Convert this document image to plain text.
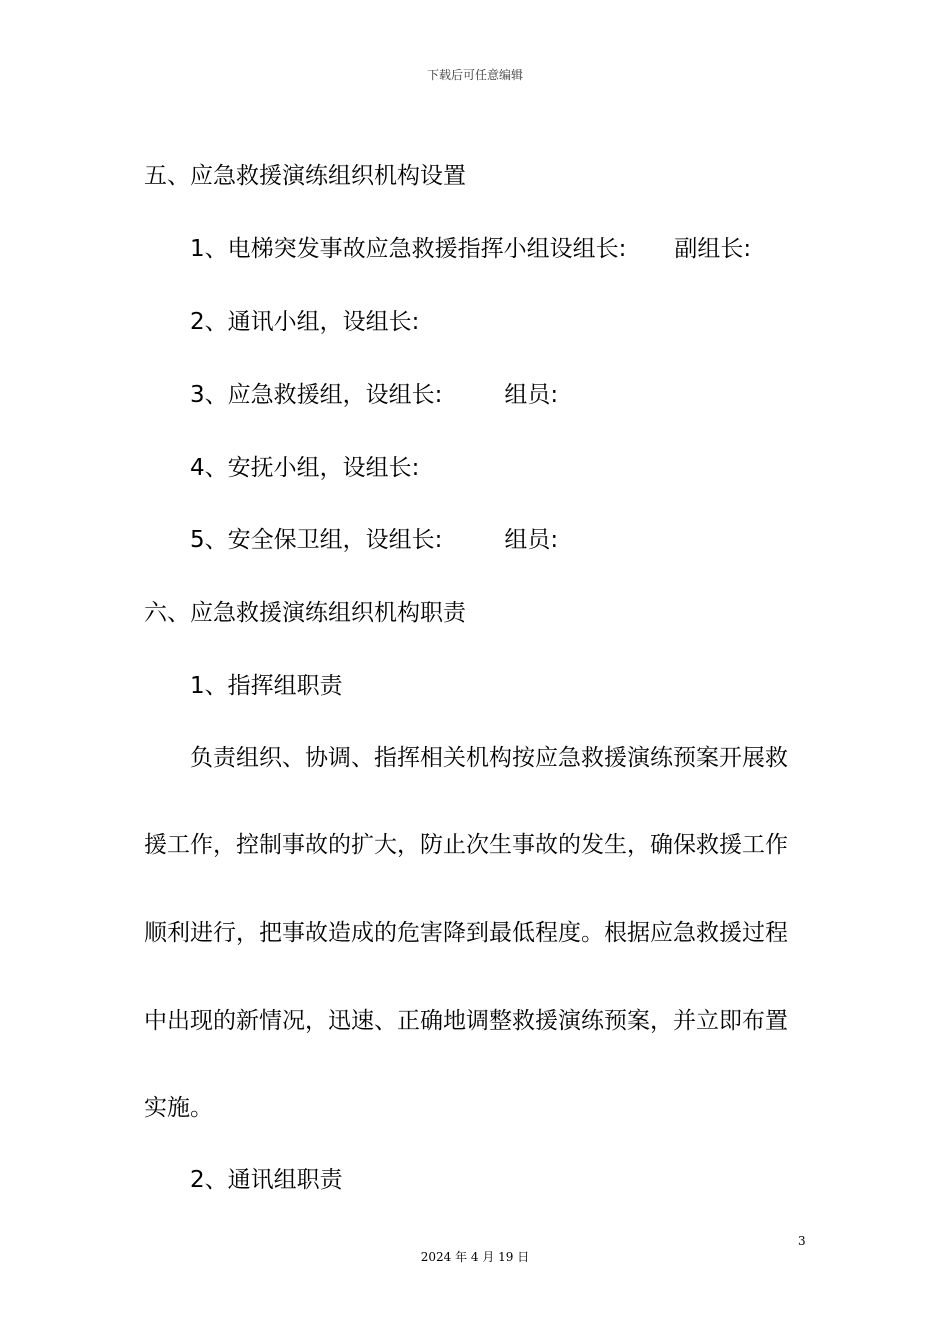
下载后可任意编辑
五、应急救援演练组织机构设置
1、电梯突发事故应急救援指挥小组设组长: 副组长:
2、通讯小组，设组长:
3、应急救援组，设组长:	组员:
4、安抚小组，设组长:
5、安全保卫组，设组长:	组员:
六、应急救援演练组织机构职责
1、指挥组职责
负责组织、协调、指挥相关机构按应急救援演练预案开展救
援工作，控制事故的扩大，防止次生事故的发生，确保救援工作
顺利进行，把事故造成的危害降到最低程度。根据应急救援过程
中出现的新情况，迅速、正确地调整救援演练预案，并立即布置
实施。
2、通讯组职责
3
2024 年 4 月 19 日
